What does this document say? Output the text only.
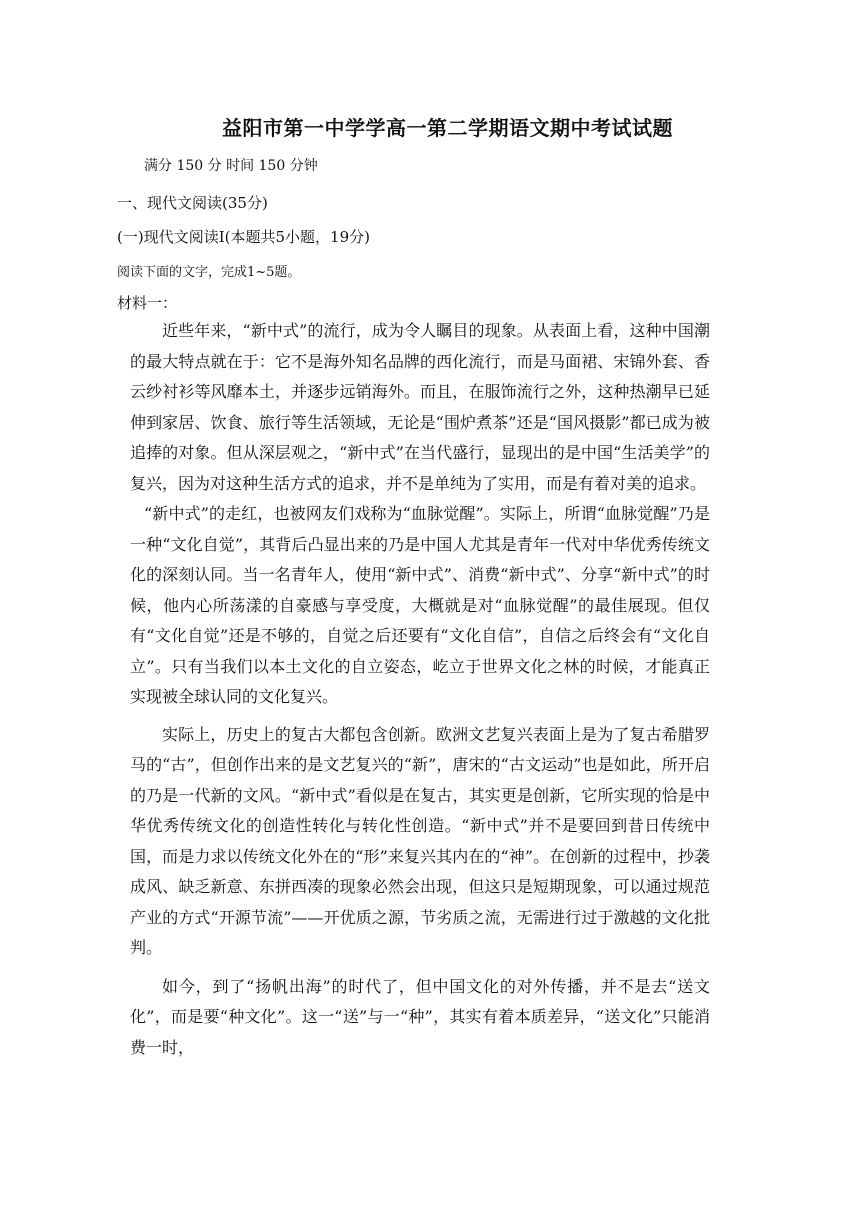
益阳市第一中学学高一第二学期语文期中考试试题
满分 150 分 时间 150 分钟
一、现代文阅读(35分)
(一)现代文阅读Ⅰ(本题共5小题，19分)
阅读下面的文字，完成1~5题。
材料一：

近些年来，“新中式”的流行，成为令人瞩目的现象。从表面上看，这种中国潮的最大特点就在于：它不是海外知名品牌的西化流行，而是马面裙、宋锦外套、香云纱衬衫等风靡本土，并逐步远销海外。而且，在服饰流行之外，这种热潮早已延伸到家居、饮食、旅行等生活领域，无论是“围炉煮茶”还是“国风摄影”都已成为被追捧的对象。但从深层观之，“新中式”在当代盛行，显现出的是中国“生活美学”的复兴，因为对这种生活方式的追求，并不是单纯为了实用，而是有着对美的追求。

“新中式”的走红，也被网友们戏称为“血脉觉醒”。实际上，所谓“血脉觉醒”乃是一种“文化自觉”，其背后凸显出来的乃是中国人尤其是青年一代对中华优秀传统文化的深刻认同。当一名青年人，使用“新中式”、消费“新中式”、分享“新中式”的时候，他内心所荡漾的自豪感与享受度，大概就是对“血脉觉醒”的最佳展现。但仅有“文化自觉”还是不够的，自觉之后还要有“文化自信”，自信之后终会有“文化自立”。只有当我们以本土文化的自立姿态，屹立于世界文化之林的时候，才能真正实现被全球认同的文化复兴。

实际上，历史上的复古大都包含创新。欧洲文艺复兴表面上是为了复古希腊罗马的“古”，但创作出来的是文艺复兴的“新”，唐宋的“古文运动”也是如此，所开启的乃是一代新的文风。“新中式”看似是在复古，其实更是创新，它所实现的恰是中华优秀传统文化的创造性转化与转化性创造。“新中式”并不是要回到昔日传统中国，而是力求以传统文化外在的“形”来复兴其内在的“神”。在创新的过程中，抄袭成风、缺乏新意、东拼西凑的现象必然会出现，但这只是短期现象，可以通过规范产业的方式“开源节流”——开优质之源，节劣质之流，无需进行过于激越的文化批判。

如今，到了“扬帆出海”的时代了，但中国文化的对外传播，并不是去“送文化”，而是要“种文化”。这一“送”与一“种”，其实有着本质差异，“送文化”只能消费一时，
